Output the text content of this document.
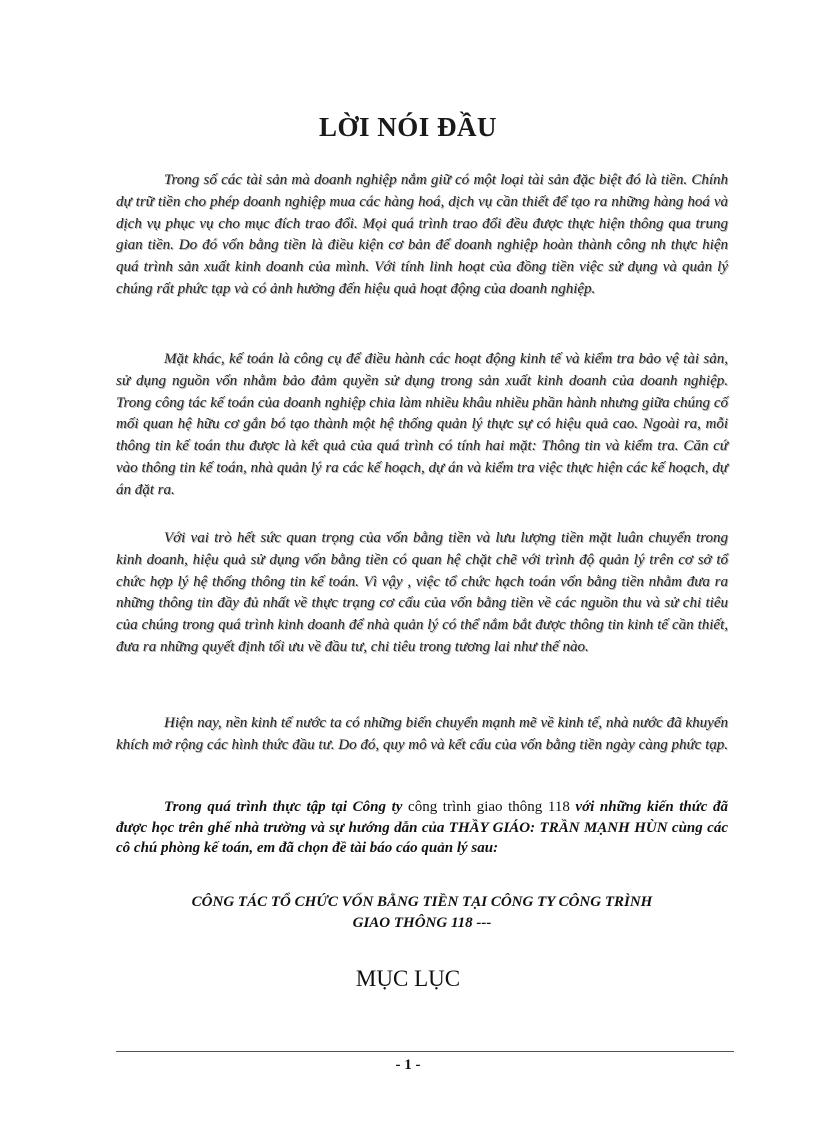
LỜI NÓI ĐẦU

Trong số các tài sản mà doanh nghiệp nắm giữ có một loại tài sản đặc biệt đó là tiền. Chính dự trữ tiền cho phép doanh nghiệp mua các hàng hoá, dịch vụ cần thiết để tạo ra những hàng hoá và dịch vụ phục vụ cho mục đích trao đổi. Mọi quá trình trao đổi đều được thực hiện thông qua trung gian tiền. Do đó vốn bằng tiền là điều kiện cơ bản để doanh nghiệp hoàn thành công nh thực hiện quá trình sản xuất kinh doanh của mình. Với tính linh hoạt của đồng tiền việc sử dụng và quản lý chúng rất phức tạp và có ảnh hưởng đến hiệu quả hoạt động của doanh nghiệp.

Mặt khác, kế toán là công cụ để điều hành các hoạt động kinh tế và kiểm tra bảo vệ tài sản, sử dụng nguồn vốn nhằm bảo đảm quyền sử dụng trong sản xuất kinh doanh của doanh nghiệp. Trong công tác kế toán của doanh nghiệp chia làm nhiều khâu nhiều phần hành nhưng giữa chúng cố mối quan hệ hữu cơ gắn bó tạo thành một hệ thống quản lý thực sự có hiệu quả cao. Ngoài ra, mỗi thông tin kế toán thu được là kết quả của quá trình có tính hai mặt: Thông tin và kiểm tra. Căn cứ vào thông tin kế toán, nhà quản lý ra các kế hoạch, dự án và kiểm tra việc thực hiện các kế hoạch, dự án đặt ra.

Với vai trò hết sức quan trọng của vốn bằng tiền và lưu lượng tiền mặt luân chuyển trong kinh doanh, hiệu quả sử dụng vốn bằng tiền có quan hệ chặt chẽ với trình độ quản lý trên cơ sở tổ chức hợp lý hệ thống thông tin kế toán. Vì vậy , việc tổ chức hạch toán vốn bằng tiền nhằm đưa ra những thông tin đầy đủ nhất về thực trạng cơ cấu của vốn bằng tiền về các nguồn thu và sử chi tiêu của chúng trong quá trình kinh doanh để nhà quản lý có thể nắm bắt được thông tin kinh tế cần thiết, đưa ra những quyết định tối ưu về đầu tư, chi tiêu trong tương lai như thế nào.

Hiện nay, nền kinh tế nước ta có những biến chuyển mạnh mẽ về kinh tế, nhà nước đã khuyến khích mở rộng các hình thức đầu tư. Do đó, quy mô và kết cấu của vốn bằng tiền ngày càng phức tạp.

Trong quá trình thực tập tại Công ty công trình giao thông 118 với những kiến thức đã được học trên ghế nhà trường và sự hướng dẫn của THẦY GIÁO: TRẦN MẠNH HÙN cùng các cô chú phòng kế toán, em đã chọn đề tài báo cáo quản lý sau:

CÔNG TÁC TỔ CHỨC VỐN BẰNG TIỀN TẠI CÔNG TY CÔNG TRÌNH
GIAO THÔNG 118 ---
MỤC LỤC
- 1 -
